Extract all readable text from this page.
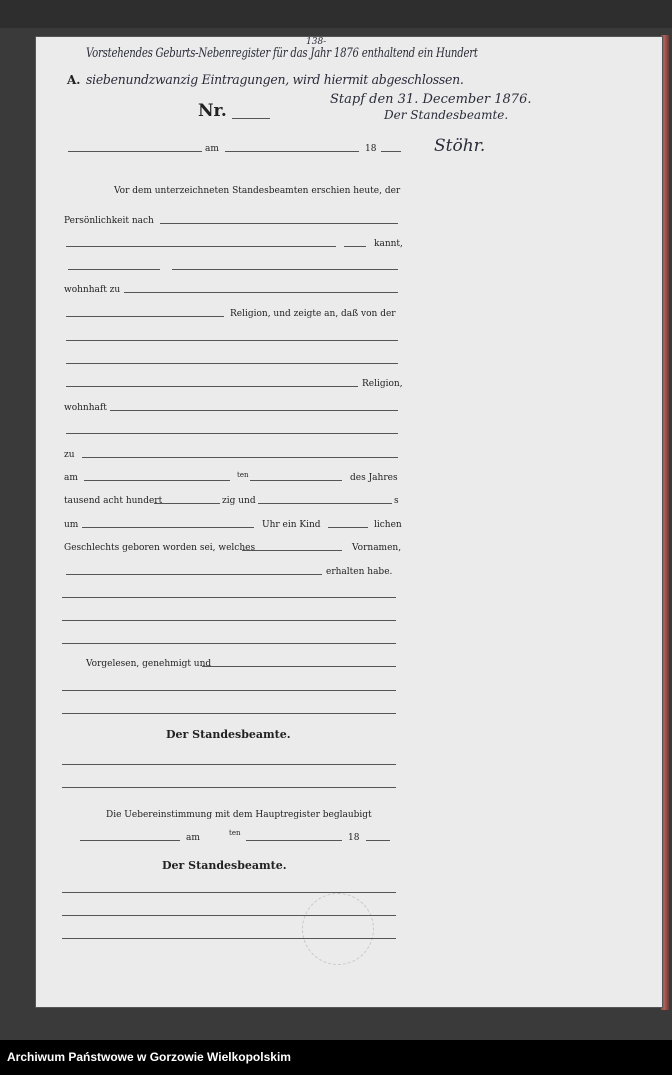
138-
Vorstehendes Geburts-Nebenregister für das Jahr 1876 enthaltend ein Hundert
siebenundzwanzig Eintragungen, wird hiermit abgeschlossen.
Stapf den 31. December 1876.
Der Standesbeamte.
Stöhr.
A.
Nr.
am	18
Vor dem unterzeichneten Standesbeamten erschien heute, der
Persönlichkeit nach
kannt,
wohnhaft zu
Religion, und zeigte an, daß von der
Religion,
wohnhaft
zu
am	ten	des Jahres
tausend acht hundert	zig und	s
um	Uhr ein Kind	lichen
Geschlechts geboren worden sei, welches	Vornamen,
erhalten habe.
Vorgelesen, genehmigt und
Der Standesbeamte.
Die Uebereinstimmung mit dem Hauptregister beglaubigt
am	ten	18
Der Standesbeamte.
Archiwum Państwowe w Gorzowie Wielkopolskim
